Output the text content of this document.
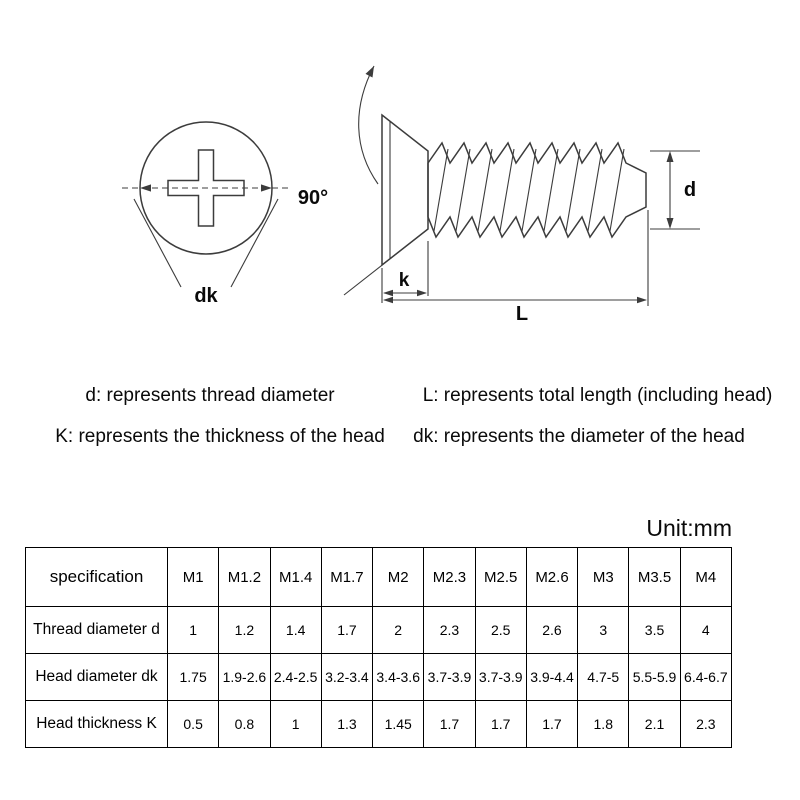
dk
90°	d
k
L
d: represents thread diameter	L: represents total length (including head)
K: represents the thickness of the head	dk: represents the diameter of the head
Unit:mm
specification	M1	M1.2	M1.4	M1.7	M2	M2.3	M2.5	M2.6	M3	M3.5	M4
Thread diameter d	1	1.2	1.4	1.7	2	2.3	2.5	2.6	3	3.5	4
Head diameter dk	1.75	1.9-2.6	2.4-2.5	3.2-3.4	3.4-3.6	3.7-3.9	3.7-3.9	3.9-4.4	4.7-5	5.5-5.9	6.4-6.7
Head thickness K	0.5	0.8	1	1.3	1.45	1.7	1.7	1.7	1.8	2.1	2.3
